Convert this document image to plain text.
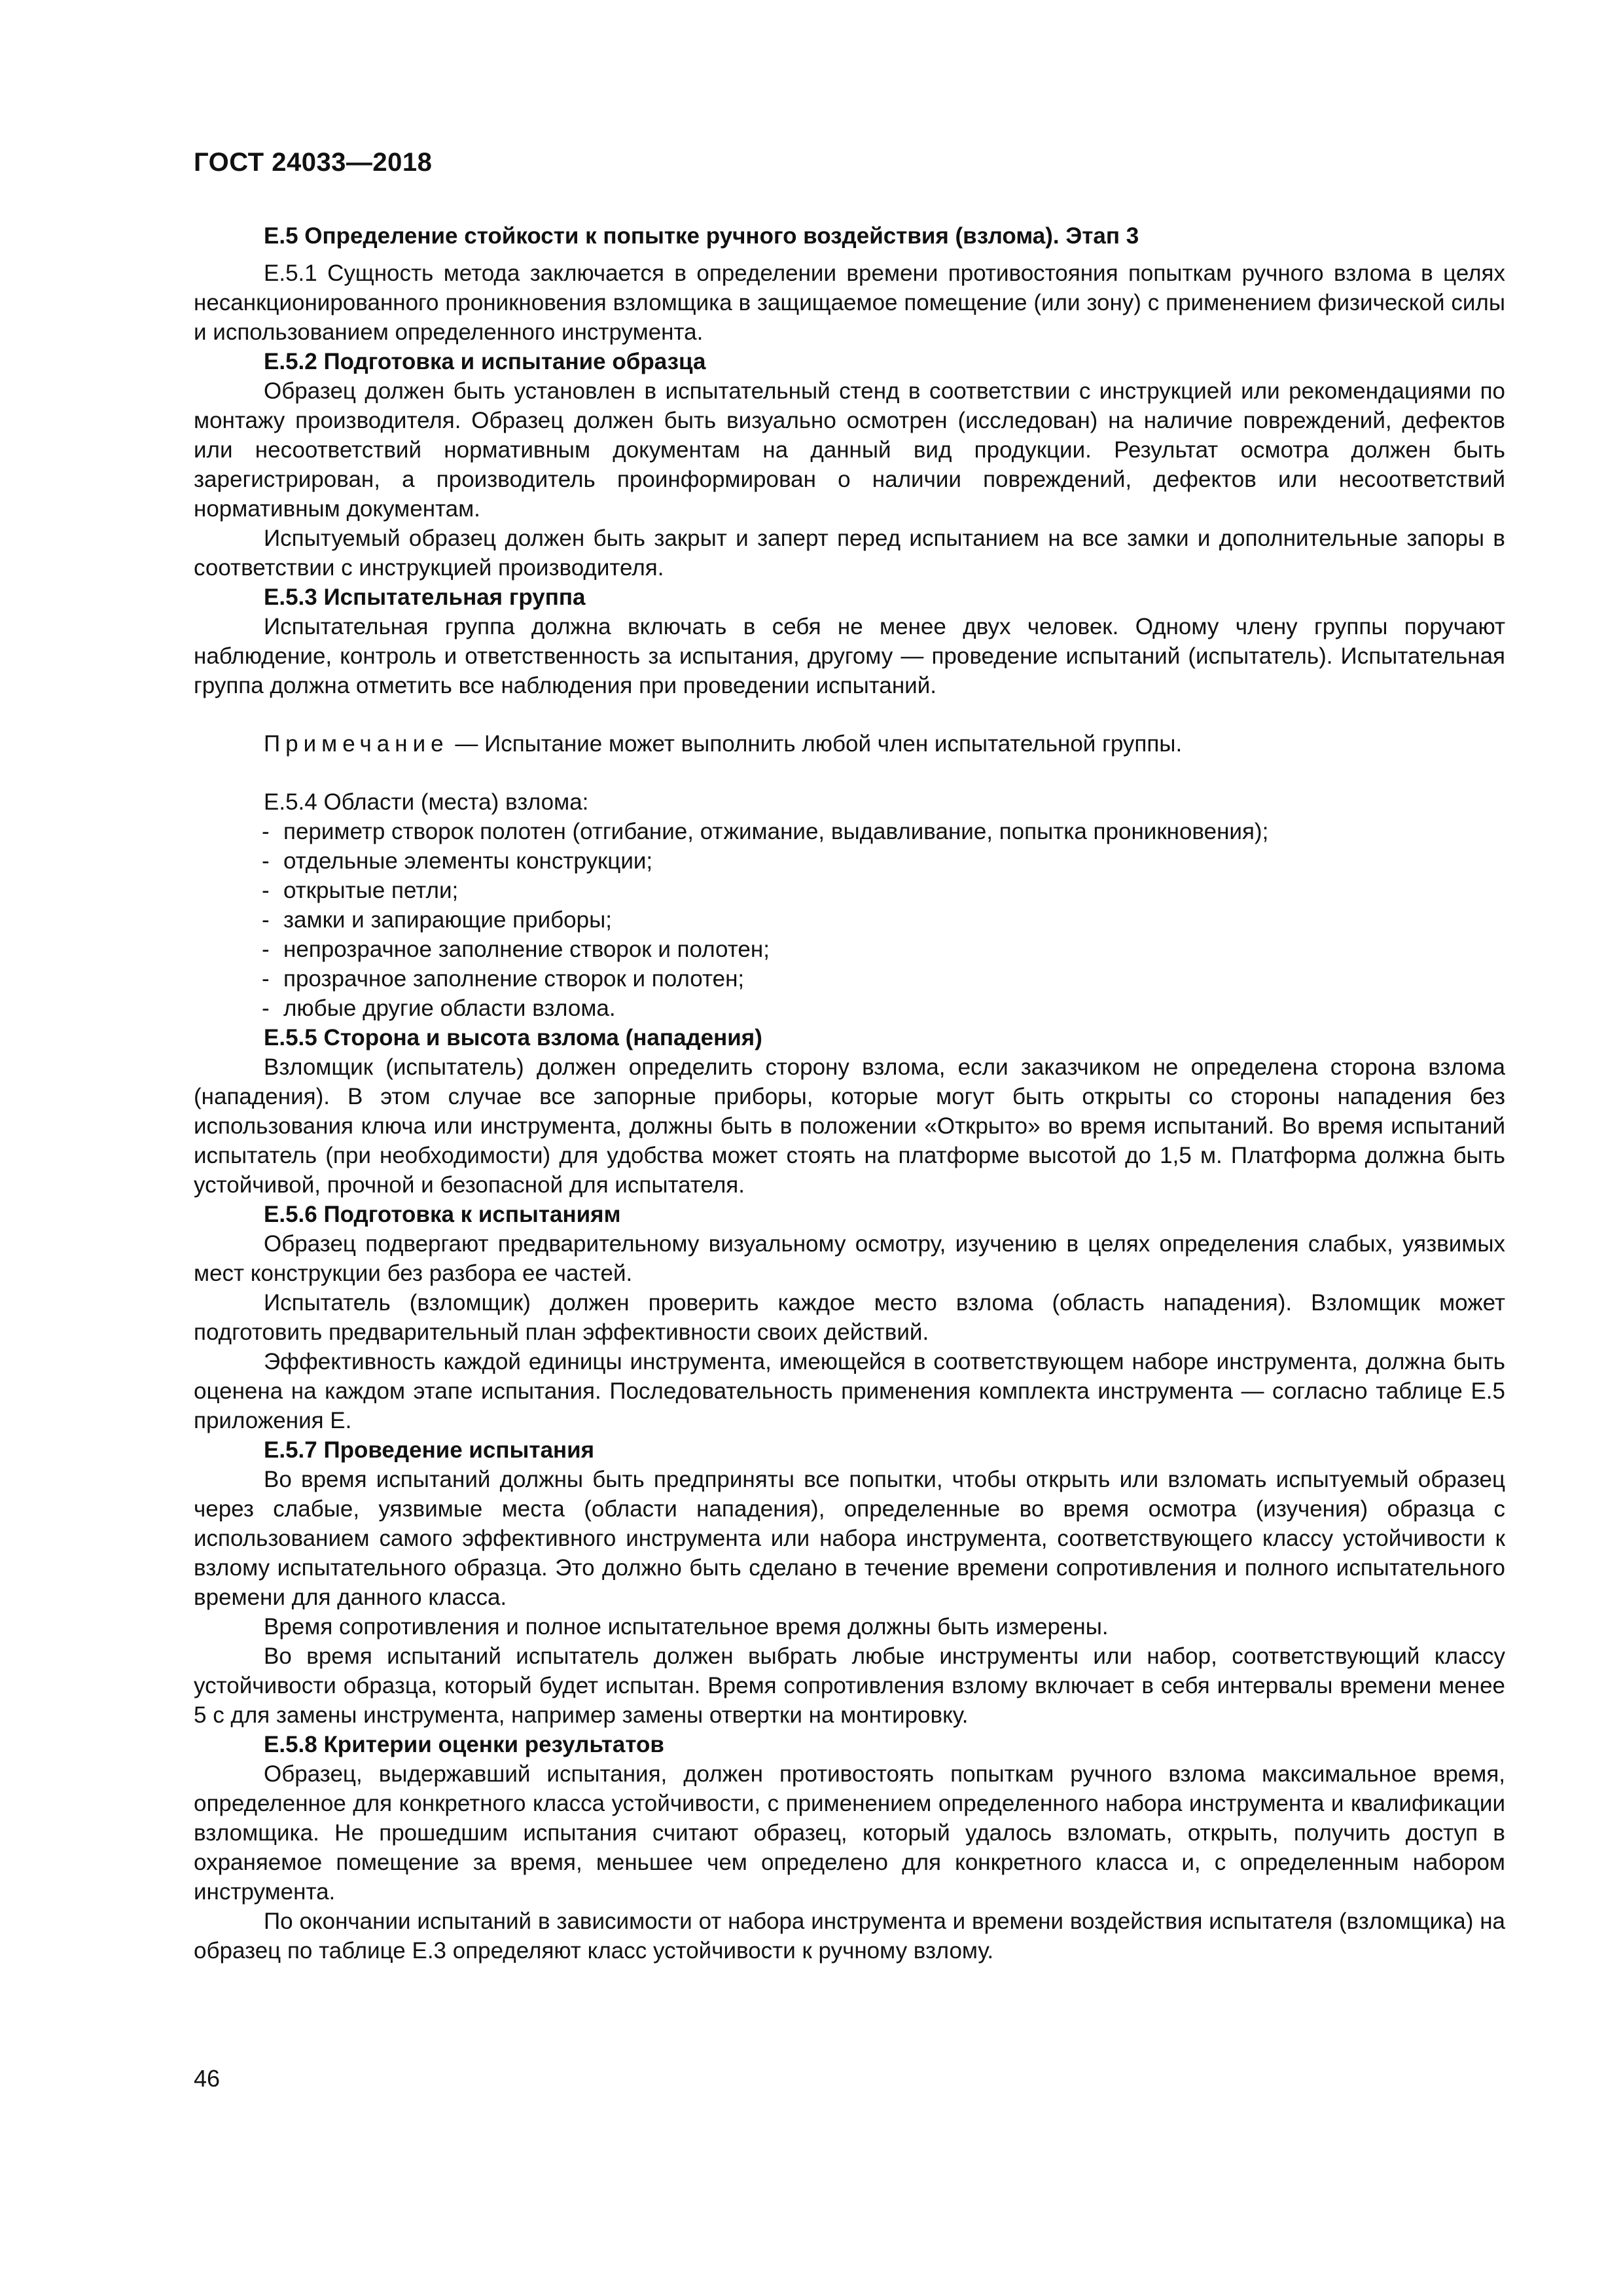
ГОСТ 24033—2018
Е.5 Определение стойкости к попытке ручного воздействия (взлома). Этап 3

Е.5.1 Сущность метода заключается в определении времени противостояния попыткам ручного взлома в целях несанкционированного проникновения взломщика в защищаемое помещение (или зону) с применением физической силы и использованием определенного инструмента.

Е.5.2 Подготовка и испытание образца

Образец должен быть установлен в испытательный стенд в соответствии с инструкцией или рекомендациями по монтажу производителя. Образец должен быть визуально осмотрен (исследован) на наличие повреждений, дефектов или несоответствий нормативным документам на данный вид продукции. Результат осмотра должен быть зарегистрирован, а производитель проинформирован о наличии повреждений, дефектов или несоответствий нормативным документам.

Испытуемый образец должен быть закрыт и заперт перед испытанием на все замки и дополнительные запоры в соответствии с инструкцией производителя.

Е.5.3 Испытательная группа

Испытательная группа должна включать в себя не менее двух человек. Одному члену группы поручают наблюдение, контроль и ответственность за испытания, другому — проведение испытаний (испытатель). Испытательная группа должна отметить все наблюдения при проведении испытаний.

Примечание — Испытание может выполнить любой член испытательной группы.

Е.5.4 Области (места) взлома:

- периметр створок полотен (отгибание, отжимание, выдавливание, попытка проникновения);
- отдельные элементы конструкции;
- открытые петли;
- замки и запирающие приборы;
- непрозрачное заполнение створок и полотен;
- прозрачное заполнение створок и полотен;
- любые другие области взлома.
Е.5.5 Сторона и высота взлома (нападения)

Взломщик (испытатель) должен определить сторону взлома, если заказчиком не определена сторона взлома (нападения). В этом случае все запорные приборы, которые могут быть открыты со стороны нападения без использования ключа или инструмента, должны быть в положении «Открыто» во время испытаний. Во время испытаний испытатель (при необходимости) для удобства может стоять на платформе высотой до 1,5 м. Платформа должна быть устойчивой, прочной и безопасной для испытателя.

Е.5.6 Подготовка к испытаниям

Образец подвергают предварительному визуальному осмотру, изучению в целях определения слабых, уязвимых мест конструкции без разбора ее частей.

Испытатель (взломщик) должен проверить каждое место взлома (область нападения). Взломщик может подготовить предварительный план эффективности своих действий.

Эффективность каждой единицы инструмента, имеющейся в соответствующем наборе инструмента, должна быть оценена на каждом этапе испытания. Последовательность применения комплекта инструмента — согласно таблице Е.5 приложения Е.

Е.5.7 Проведение испытания

Во время испытаний должны быть предприняты все попытки, чтобы открыть или взломать испытуемый образец через слабые, уязвимые места (области нападения), определенные во время осмотра (изучения) образца с использованием самого эффективного инструмента или набора инструмента, соответствующего классу устойчивости к взлому испытательного образца. Это должно быть сделано в течение времени сопротивления и полного испытательного времени для данного класса.

Время сопротивления и полное испытательное время должны быть измерены.

Во время испытаний испытатель должен выбрать любые инструменты или набор, соответствующий классу устойчивости образца, который будет испытан. Время сопротивления взлому включает в себя интервалы времени менее 5 с для замены инструмента, например замены отвертки на монтировку.

Е.5.8 Критерии оценки результатов

Образец, выдержавший испытания, должен противостоять попыткам ручного взлома максимальное время, определенное для конкретного класса устойчивости, с применением определенного набора инструмента и квалификации взломщика. Не прошедшим испытания считают образец, который удалось взломать, открыть, получить доступ в охраняемое помещение за время, меньшее чем определено для конкретного класса и, с определенным набором инструмента.

По окончании испытаний в зависимости от набора инструмента и времени воздействия испытателя (взломщика) на образец по таблице Е.3 определяют класс устойчивости к ручному взлому.

46
